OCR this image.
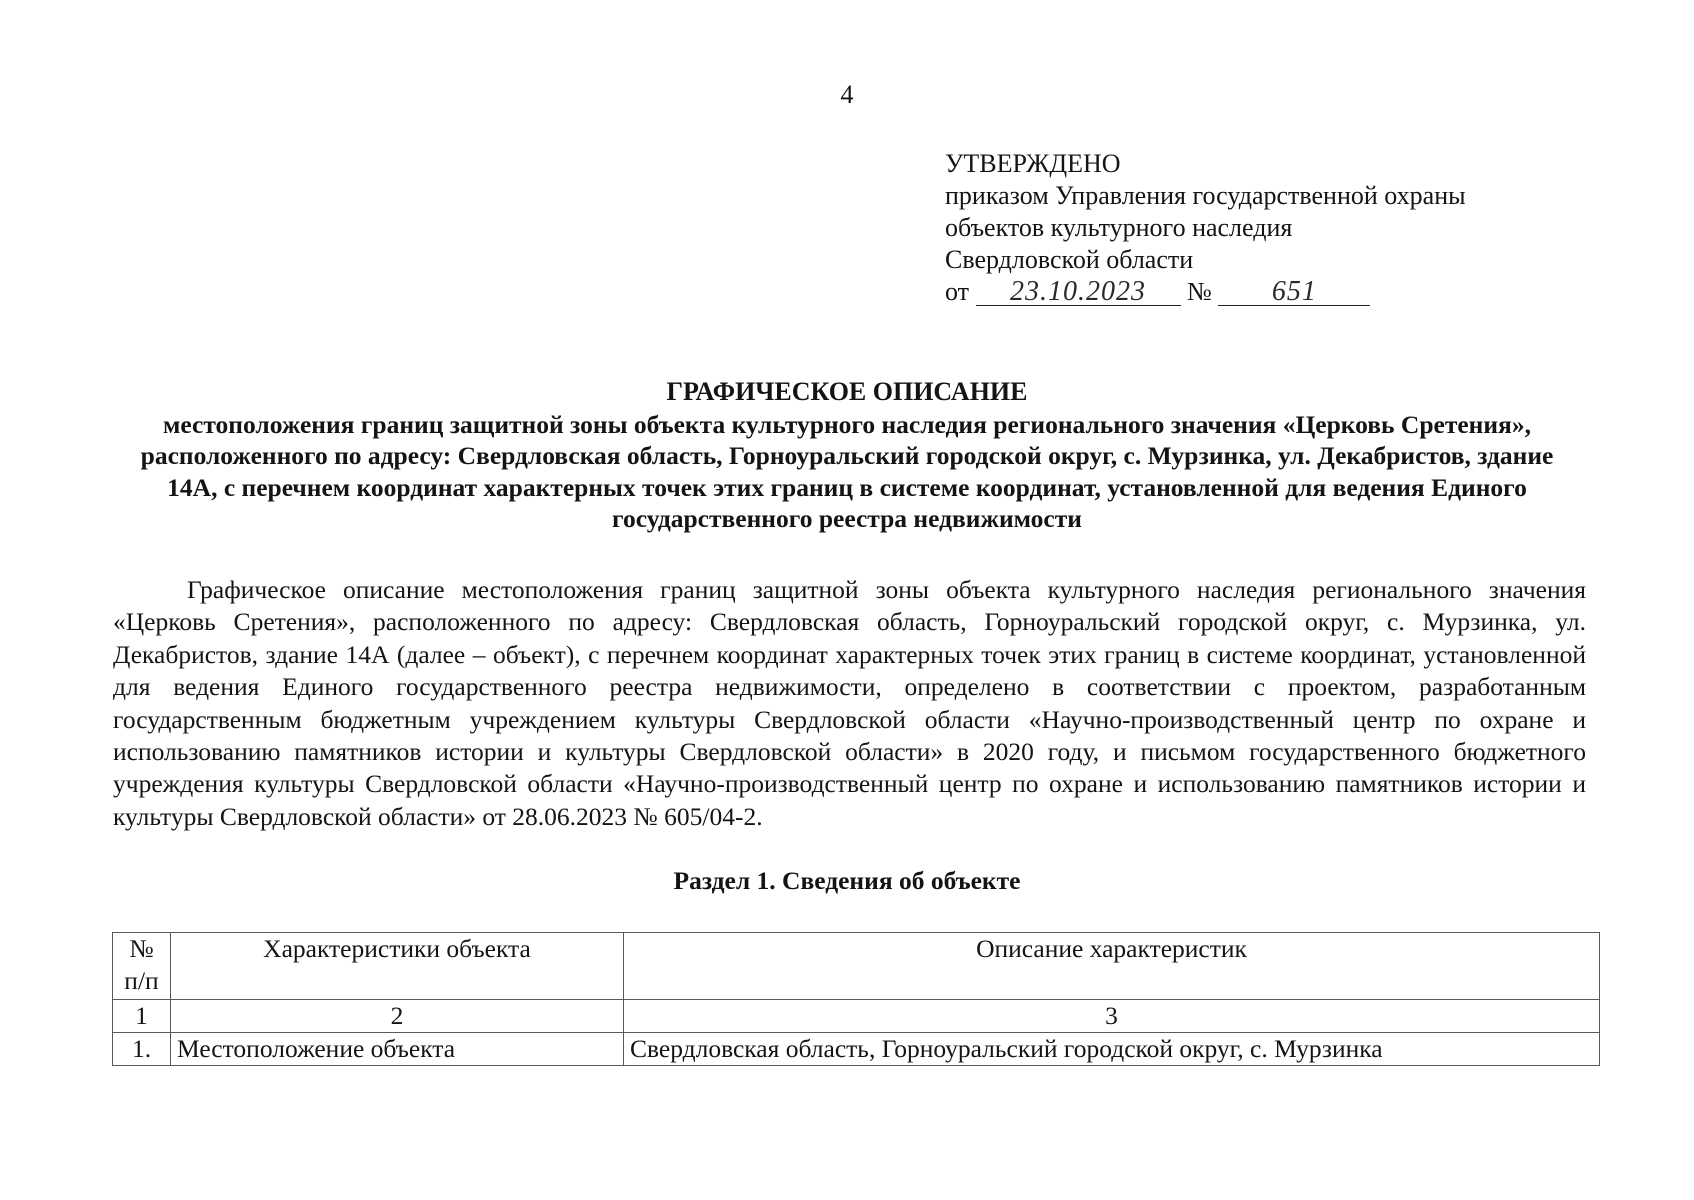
4
УТВЕРЖДЕНО
приказом Управления государственной охраны
объектов культурного наследия
Свердловской области
от 23.10.2023 № 651
ГРАФИЧЕСКОЕ ОПИСАНИЕ
местоположения границ защитной зоны объекта культурного наследия регионального значения «Церковь Сретения», расположенного по адресу: Свердловская область, Горноуральский городской округ, с. Мурзинка, ул. Декабристов, здание 14А, с перечнем координат характерных точек этих границ в системе координат, установленной для ведения Единого государственного реестра недвижимости

Графическое описание местоположения границ защитной зоны объекта культурного наследия регионального значения «Церковь Сретения», расположенного по адресу: Свердловская область, Горноуральский городской округ, с. Мурзинка, ул. Декабристов, здание 14А (далее – объект), с перечнем координат характерных точек этих границ в системе координат, установленной для ведения Единого государственного реестра недвижимости, определено в соответствии с проектом, разработанным государственным бюджетным учреждением культуры Свердловской области «Научно-производственный центр по охране и использованию памятников истории и культуры Свердловской области» в 2020 году, и письмом государственного бюджетного учреждения культуры Свердловской области «Научно-производственный центр по охране и использованию памятников истории и культуры Свердловской области» от 28.06.2023 № 605/04-2.

Раздел 1. Сведения об объекте
№
п/п	Характеристики объекта	Описание характеристик
1	2	3
1.	Местоположение объекта	Свердловская область, Горноуральский городской округ, с. Мурзинка
